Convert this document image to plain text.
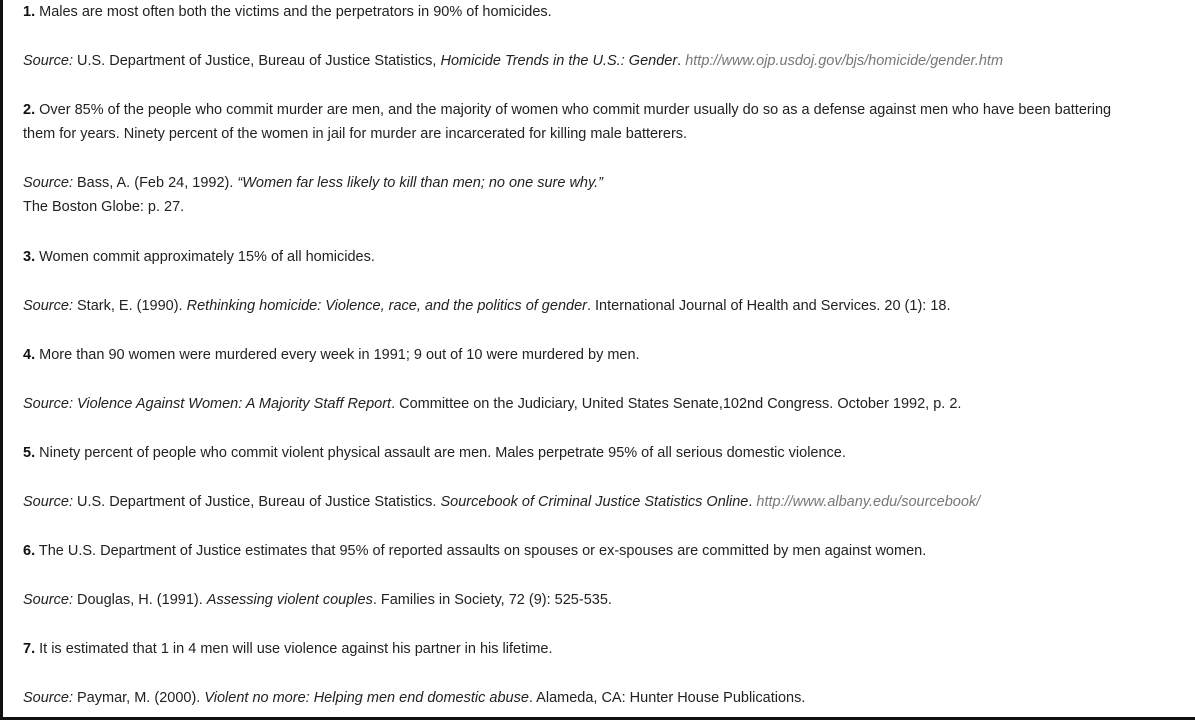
1. Males are most often both the victims and the perpetrators in 90% of homicides.
Source: U.S. Department of Justice, Bureau of Justice Statistics, Homicide Trends in the U.S.: Gender. http://www.ojp.usdoj.gov/bjs/homicide/gender.htm
2. Over 85% of the people who commit murder are men, and the majority of women who commit murder usually do so as a defense against men who have been battering
them for years. Ninety percent of the women in jail for murder are incarcerated for killing male batterers.
Source: Bass, A. (Feb 24, 1992). “Women far less likely to kill than men; no one sure why.”
The Boston Globe: p. 27.
3. Women commit approximately 15% of all homicides.
Source: Stark, E. (1990). Rethinking homicide: Violence, race, and the politics of gender. International Journal of Health and Services. 20 (1): 18.
4. More than 90 women were murdered every week in 1991; 9 out of 10 were murdered by men.
Source: Violence Against Women: A Majority Staff Report. Committee on the Judiciary, United States Senate,102nd Congress. October 1992, p. 2.
5. Ninety percent of people who commit violent physical assault are men. Males perpetrate 95% of all serious domestic violence.
Source: U.S. Department of Justice, Bureau of Justice Statistics. Sourcebook of Criminal Justice Statistics Online. http://www.albany.edu/sourcebook/
6. The U.S. Department of Justice estimates that 95% of reported assaults on spouses or ex-spouses are committed by men against women.
Source: Douglas, H. (1991). Assessing violent couples. Families in Society, 72 (9): 525-535.
7. It is estimated that 1 in 4 men will use violence against his partner in his lifetime.
Source: Paymar, M. (2000). Violent no more: Helping men end domestic abuse. Alameda, CA: Hunter House Publications.
